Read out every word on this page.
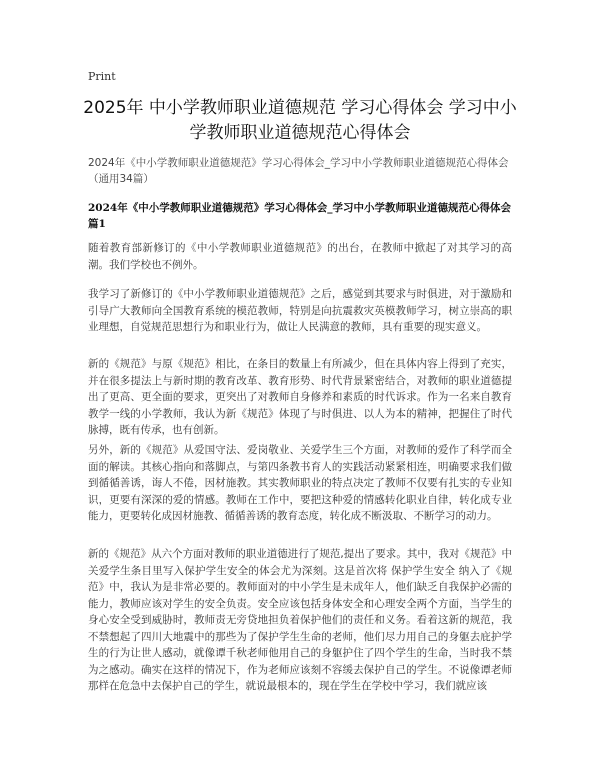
Print
2025年 中小学教师职业道德规范 学习心得体会 学习中小学教师职业道德规范心得体会
2024年《中小学教师职业道德规范》学习心得体会_学习中小学教师职业道德规范心得体会（通用34篇）
2024年《中小学教师职业道德规范》学习心得体会_学习中小学教师职业道德规范心得体会 篇1

随着教育部新修订的《中小学教师职业道德规范》的出台，在教师中掀起了对其学习的高潮。我们学校也不例外。

我学习了新修订的《中小学教师职业道德规范》之后，感觉到其要求与时俱进，对于激励和引导广大教师向全国教育系统的模范教师，特别是向抗震救灾英模教师学习，树立崇高的职业理想，自觉规范思想行为和职业行为，做让人民满意的教师，具有重要的现实意义。

新的《规范》与原《规范》相比，在条目的数量上有所减少，但在具体内容上得到了充实，并在很多提法上与新时期的教育改革、教育形势、时代背景紧密结合，对教师的职业道德提出了更高、更全面的要求，更突出了对教师自身修养和素质的时代诉求。作为一名来自教育教学一线的小学教师，我认为新《规范》体现了与时俱进、以人为本的精神，把握住了时代脉搏，既有传承，也有创新。

另外，新的《规范》从爱国守法、爱岗敬业、关爱学生三个方面，对教师的爱作了科学而全面的解读。其核心指向和落脚点，与第四条教书育人的实践活动紧紧相连，明确要求我们做到循循善诱，诲人不倦，因材施教。其实教师职业的特点决定了教师不仅要有扎实的专业知识，更要有深深的爱的情感。教师在工作中，要把这种爱的情感转化职业自律，转化成专业能力，更要转化成因材施教、循循善诱的教育态度，转化成不断汲取、不断学习的动力。

新的《规范》从六个方面对教师的职业道德进行了规范,提出了要求。其中，我对《规范》中关爱学生条目里写入保护学生安全的体会尤为深刻。这是首次将 保护学生安全 纳入了《规范》中，我认为是非常必要的。教师面对的中小学生是未成年人，他们缺乏自我保护必需的能力，教师应该对学生的安全负责。安全应该包括身体安全和心理安全两个方面，当学生的身心安全受到威胁时，教师责无旁贷地担负着保护他们的责任和义务。看着这新的规范，我不禁想起了四川大地震中的那些为了保护学生生命的老师，他们尽力用自己的身躯去庇护学生的行为让世人感动，就像谭千秋老师他用自己的身躯护住了四个学生的生命，当时我不禁为之感动。确实在这样的情况下，作为老师应该刻不容缓去保护自己的学生。不说像谭老师那样在危急中去保护自己的学生，就说最根本的，现在学生在学校中学习，我们就应该
